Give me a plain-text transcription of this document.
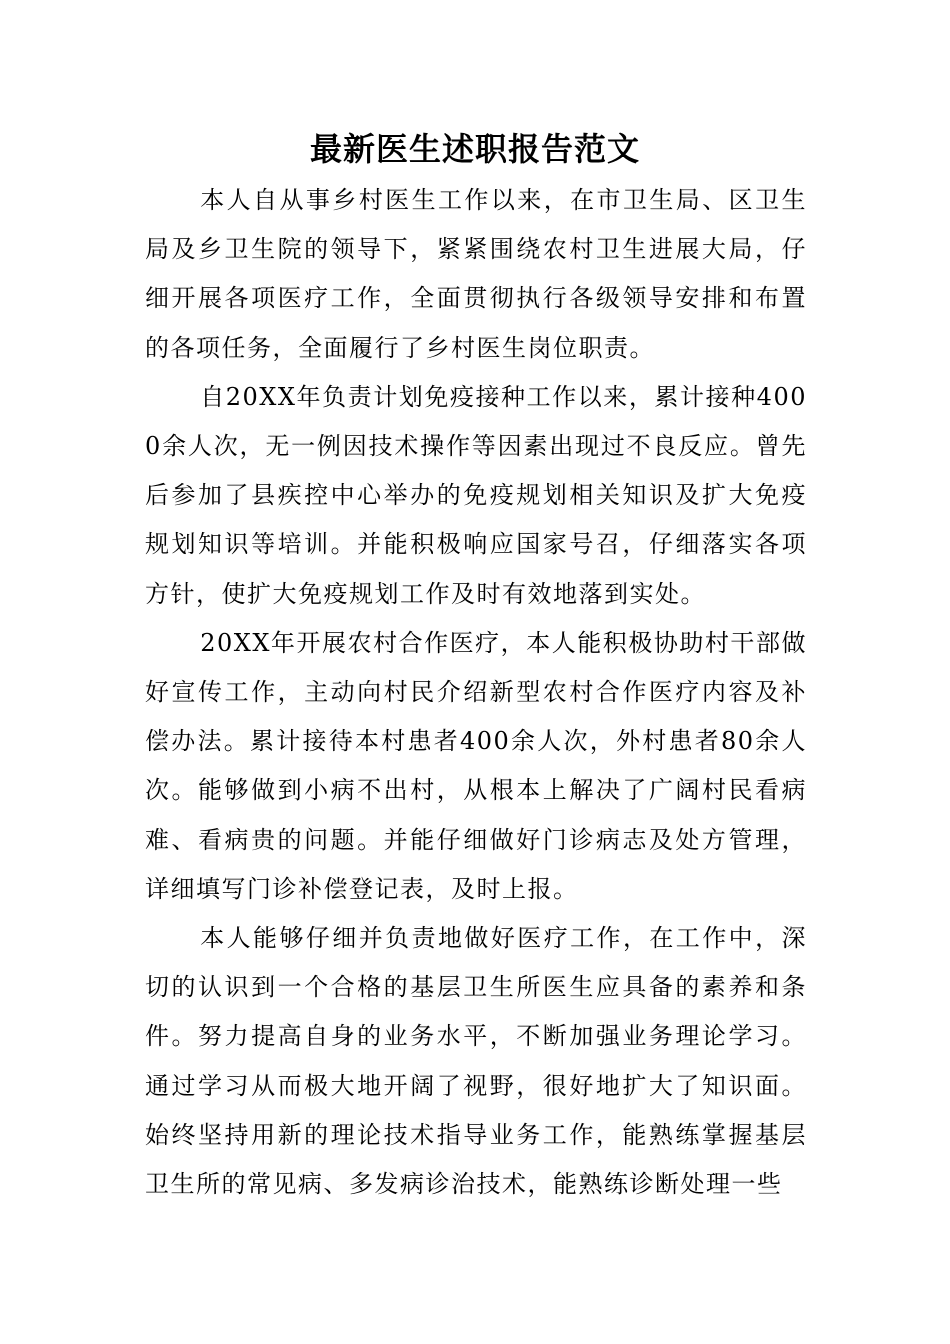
最新医生述职报告范文

本人自从事乡村医生工作以来，在市卫生局、区卫生局及乡卫生院的领导下，紧紧围绕农村卫生进展大局，仔细开展各项医疗工作，全面贯彻执行各级领导安排和布置的各项任务，全面履行了乡村医生岗位职责。

自20XX年负责计划免疫接种工作以来，累计接种4000余人次，无一例因技术操作等因素出现过不良反应。曾先后参加了县疾控中心举办的免疫规划相关知识及扩大免疫规划知识等培训。并能积极响应国家号召，仔细落实各项方针，使扩大免疫规划工作及时有效地落到实处。

20XX年开展农村合作医疗，本人能积极协助村干部做好宣传工作，主动向村民介绍新型农村合作医疗内容及补偿办法。累计接待本村患者400余人次，外村患者80余人次。能够做到小病不出村，从根本上解决了广阔村民看病难、看病贵的问题。并能仔细做好门诊病志及处方管理，详细填写门诊补偿登记表，及时上报。

本人能够仔细并负责地做好医疗工作，在工作中，深切的认识到一个合格的基层卫生所医生应具备的素养和条件。努力提高自身的业务水平，不断加强业务理论学习。通过学习从而极大地开阔了视野，很好地扩大了知识面。始终坚持用新的理论技术指导业务工作，能熟练掌握基层卫生所的常见病、多发病诊治技术，能熟练诊断处理一些
